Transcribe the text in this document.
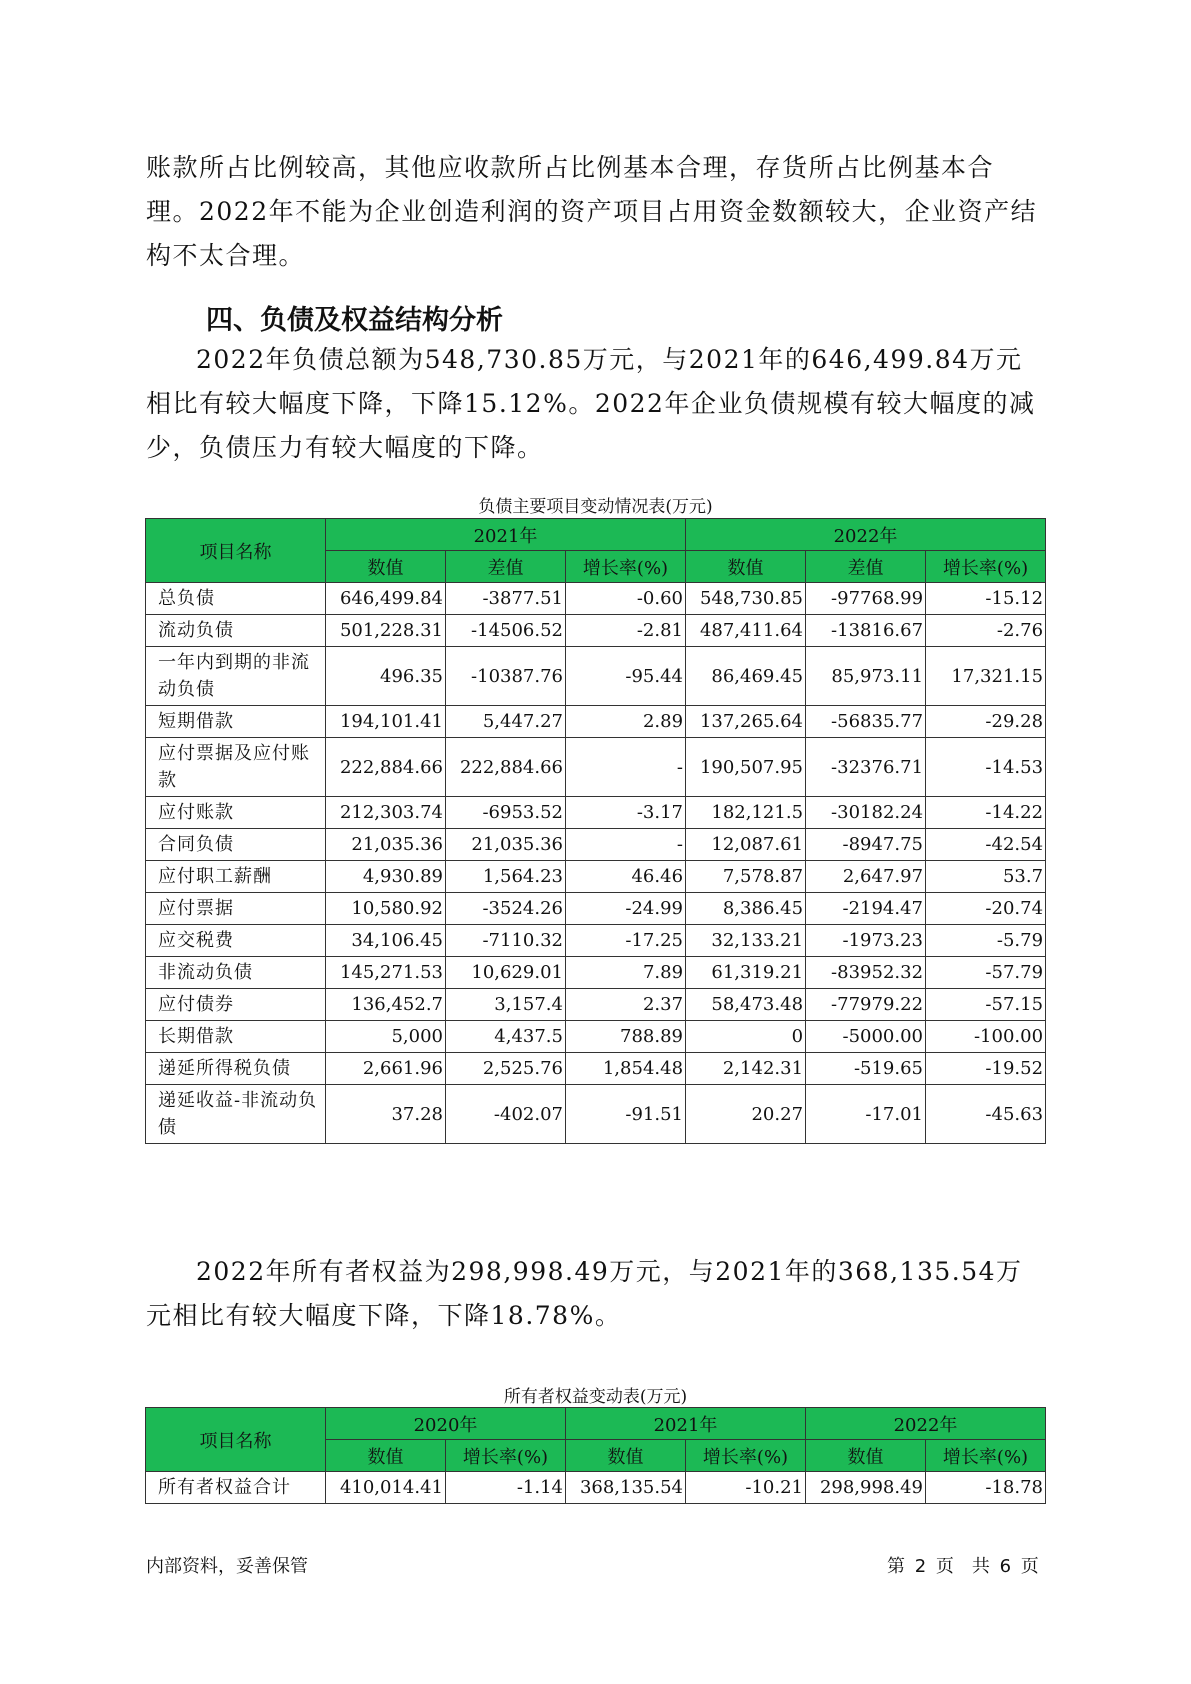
账款所占比例较高，其他应收款所占比例基本合理，存货所占比例基本合理。2022年不能为企业创造利润的资产项目占用资金数额较大，企业资产结构不太合理。

四、负债及权益结构分析

2022年负债总额为548,730.85万元，与2021年的646,499.84万元相比有较大幅度下降，下降15.12%。2022年企业负债规模有较大幅度的减少，负债压力有较大幅度的下降。

负债主要项目变动情况表(万元)
项目名称	2021年			2022年		
	数值	差值	增长率(%)	数值	差值	增长率(%)
总负债	646,499.84	-3877.51	-0.60	548,730.85	-97768.99	-15.12
流动负债	501,228.31	-14506.52	-2.81	487,411.64	-13816.67	-2.76
一年内到期的非流动负债	496.35	-10387.76	-95.44	86,469.45	85,973.11	17,321.15
短期借款	194,101.41	5,447.27	2.89	137,265.64	-56835.77	-29.28
应付票据及应付账款	222,884.66	222,884.66	-	190,507.95	-32376.71	-14.53
应付账款	212,303.74	-6953.52	-3.17	182,121.5	-30182.24	-14.22
合同负债	21,035.36	21,035.36	-	12,087.61	-8947.75	-42.54
应付职工薪酬	4,930.89	1,564.23	46.46	7,578.87	2,647.97	53.7
应付票据	10,580.92	-3524.26	-24.99	8,386.45	-2194.47	-20.74
应交税费	34,106.45	-7110.32	-17.25	32,133.21	-1973.23	-5.79
非流动负债	145,271.53	10,629.01	7.89	61,319.21	-83952.32	-57.79
应付债券	136,452.7	3,157.4	2.37	58,473.48	-77979.22	-57.15
长期借款	5,000	4,437.5	788.89	0	-5000.00	-100.00
递延所得税负债	2,661.96	2,525.76	1,854.48	2,142.31	-519.65	-19.52
递延收益-非流动负债	37.28	-402.07	-91.51	20.27	-17.01	-45.63

2022年所有者权益为298,998.49万元，与2021年的368,135.54万元相比有较大幅度下降，下降18.78%。

所有者权益变动表(万元)
项目名称	2020年		2021年		2022年	
	数值	增长率(%)	数值	增长率(%)	数值	增长率(%)
所有者权益合计	410,014.41	-1.14	368,135.54	-10.21	298,998.49	-18.78
内部资料，妥善保管	第 2 页　共 6 页
